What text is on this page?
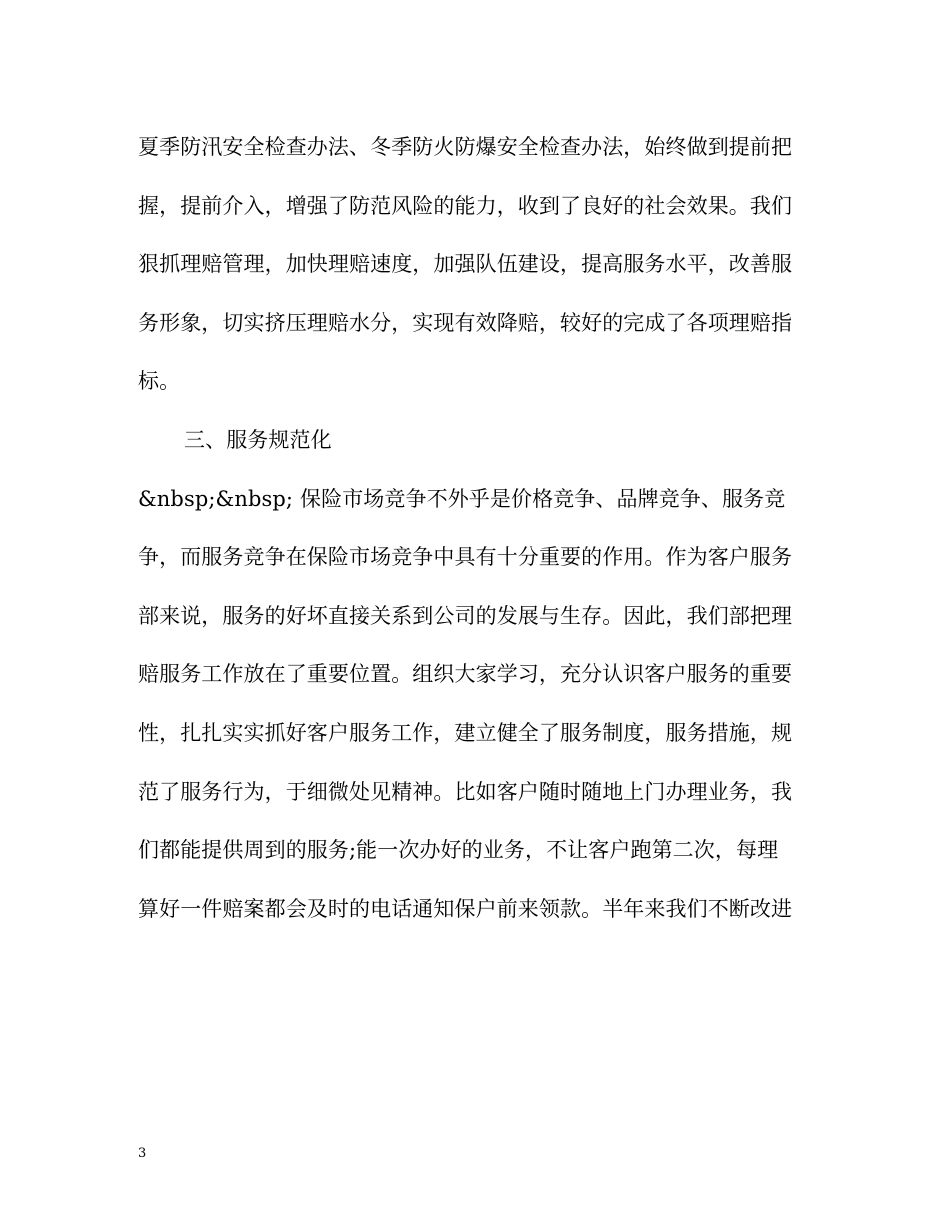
夏季防汛安全检查办法、冬季防火防爆安全检查办法，始终做到提前把
握，提前介入，增强了防范风险的能力，收到了良好的社会效果。我们
狠抓理赔管理，加快理赔速度，加强队伍建设，提高服务水平，改善服
务形象，切实挤压理赔水分，实现有效降赔，较好的完成了各项理赔指
标。
三、服务规范化
&nbsp;&nbsp; 保险市场竞争不外乎是价格竞争、品牌竞争、服务竞
争，而服务竞争在保险市场竞争中具有十分重要的作用。作为客户服务
部来说，服务的好坏直接关系到公司的发展与生存。因此，我们部把理
赔服务工作放在了重要位置。组织大家学习，充分认识客户服务的重要
性，扎扎实实抓好客户服务工作，建立健全了服务制度，服务措施，规
范了服务行为，于细微处见精神。比如客户随时随地上门办理业务，我
们都能提供周到的服务;能一次办好的业务，不让客户跑第二次，每理
算好一件赔案都会及时的电话通知保户前来领款。半年来我们不断改进
3
